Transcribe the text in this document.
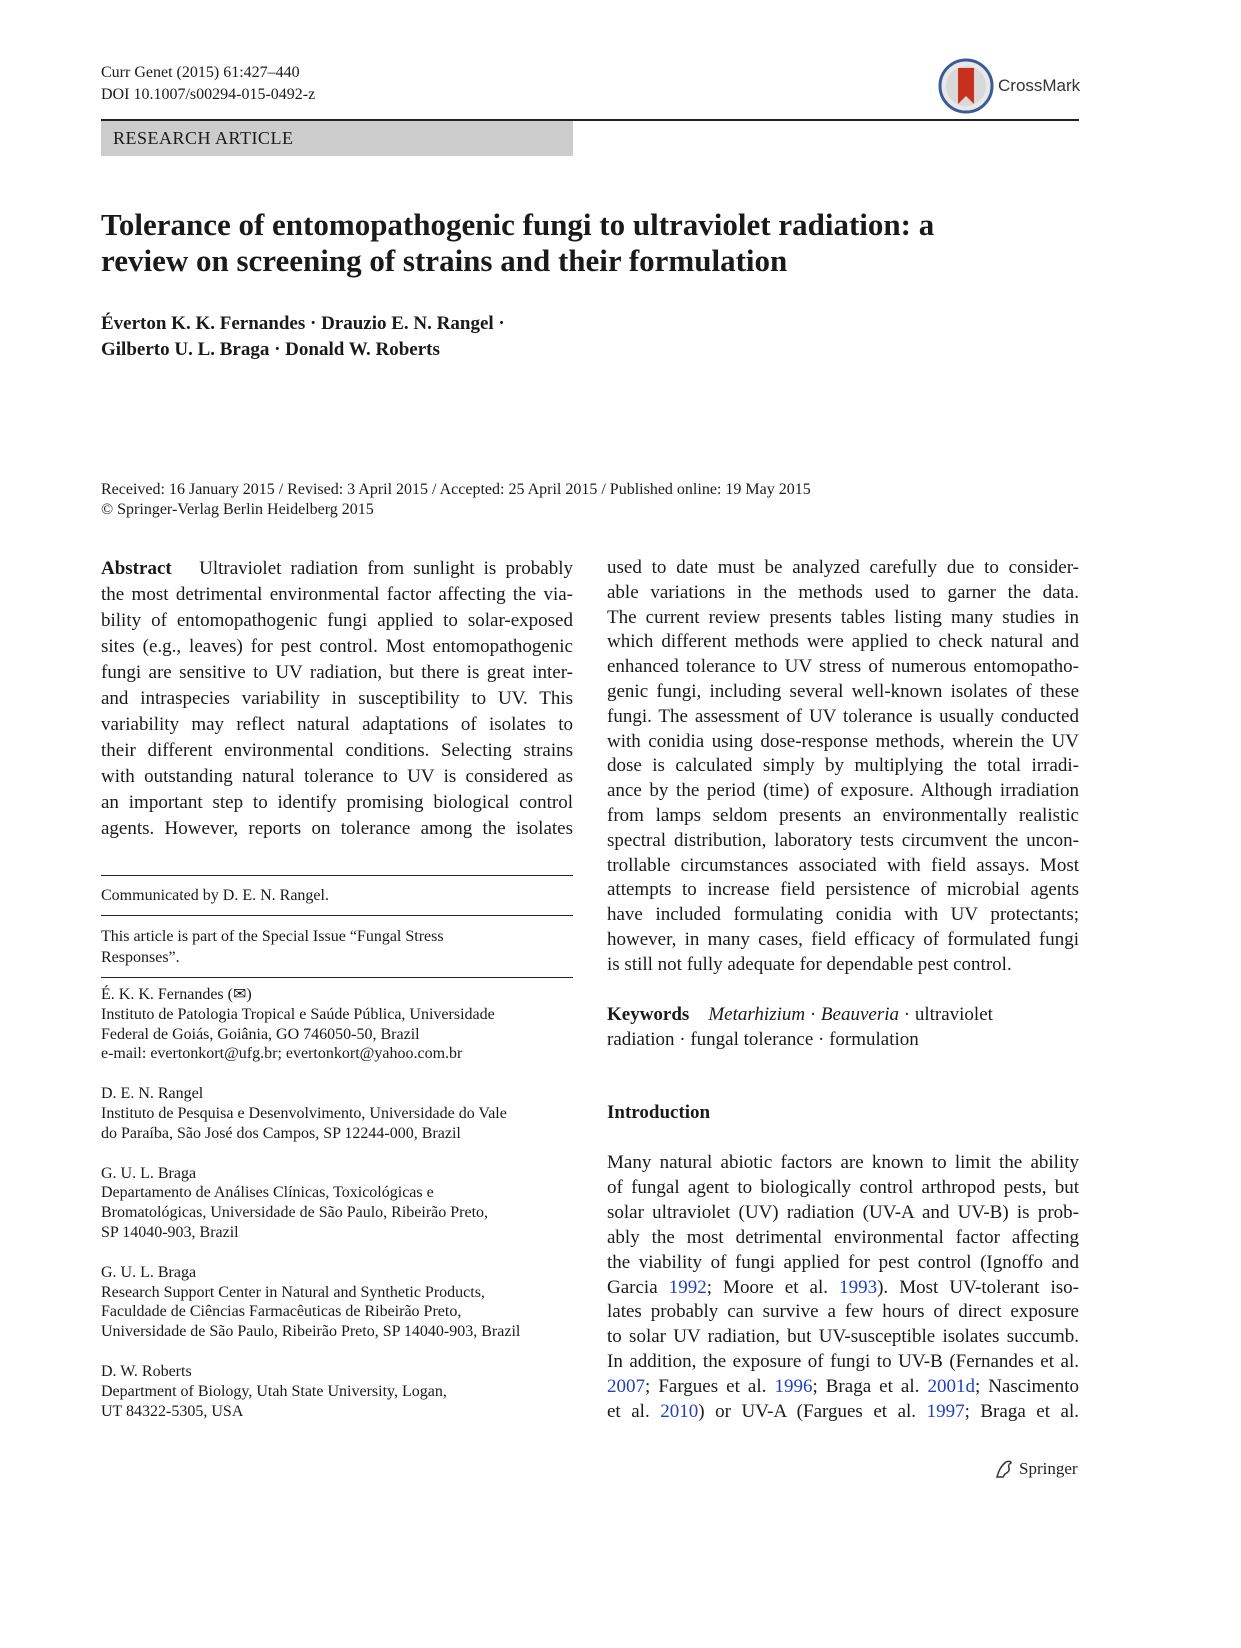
Curr Genet (2015) 61:427–440
DOI 10.1007/s00294-015-0492-z	CrossMark
RESEARCH ARTICLE
Tolerance of entomopathogenic fungi to ultraviolet radiation: a
review on screening of strains and their formulation
Éverton K. K. Fernandes · Drauzio E. N. Rangel ·
Gilberto U. L. Braga · Donald W. Roberts
Received: 16 January 2015 / Revised: 3 April 2015 / Accepted: 25 April 2015 / Published online: 19 May 2015
© Springer-Verlag Berlin Heidelberg 2015
Abstract Ultraviolet radiation from sunlight is probably
the most detrimental environmental factor affecting the via-
bility of entomopathogenic fungi applied to solar-exposed
sites (e.g., leaves) for pest control. Most entomopathogenic
fungi are sensitive to UV radiation, but there is great inter-
and intraspecies variability in susceptibility to UV. This
variability may reflect natural adaptations of isolates to
their different environmental conditions. Selecting strains
with outstanding natural tolerance to UV is considered as
an important step to identify promising biological control
agents. However, reports on tolerance among the isolates
Communicated by D. E. N. Rangel.
This article is part of the Special Issue “Fungal Stress
Responses”.

É. K. K. Fernandes (✉)

Instituto de Patologia Tropical e Saúde Pública, Universidade

Federal de Goiás, Goiânia, GO 746050-50, Brazil

e-mail: evertonkort@ufg.br; evertonkort@yahoo.com.br

D. E. N. Rangel

Instituto de Pesquisa e Desenvolvimento, Universidade do Vale

do Paraíba, São José dos Campos, SP 12244-000, Brazil

G. U. L. Braga

Departamento de Análises Clínicas, Toxicológicas e

Bromatológicas, Universidade de São Paulo, Ribeirão Preto,

SP 14040-903, Brazil

G. U. L. Braga

Research Support Center in Natural and Synthetic Products,

Faculdade de Ciências Farmacêuticas de Ribeirão Preto,

Universidade de São Paulo, Ribeirão Preto, SP 14040-903, Brazil

D. W. Roberts

Department of Biology, Utah State University, Logan,

UT 84322-5305, USA

used to date must be analyzed carefully due to consider-
able variations in the methods used to garner the data.
The current review presents tables listing many studies in
which different methods were applied to check natural and
enhanced tolerance to UV stress of numerous entomopatho-
genic fungi, including several well-known isolates of these
fungi. The assessment of UV tolerance is usually conducted
with conidia using dose-response methods, wherein the UV
dose is calculated simply by multiplying the total irradi-
ance by the period (time) of exposure. Although irradiation
from lamps seldom presents an environmentally realistic
spectral distribution, laboratory tests circumvent the uncon-
trollable circumstances associated with field assays. Most
attempts to increase field persistence of microbial agents
have included formulating conidia with UV protectants;
however, in many cases, field efficacy of formulated fungi
is still not fully adequate for dependable pest control.
Keywords Metarhizium · Beauveria · ultraviolet
radiation · fungal tolerance · formulation
Introduction
Many natural abiotic factors are known to limit the ability
of fungal agent to biologically control arthropod pests, but
solar ultraviolet (UV) radiation (UV-A and UV-B) is prob-
ably the most detrimental environmental factor affecting
the viability of fungi applied for pest control (Ignoffo and
Garcia 1992; Moore et al. 1993). Most UV-tolerant iso-
lates probably can survive a few hours of direct exposure
to solar UV radiation, but UV-susceptible isolates succumb.
In addition, the exposure of fungi to UV-B (Fernandes et al.
2007; Fargues et al. 1996; Braga et al. 2001d; Nascimento
et al. 2010) or UV-A (Fargues et al. 1997; Braga et al.
Springer
